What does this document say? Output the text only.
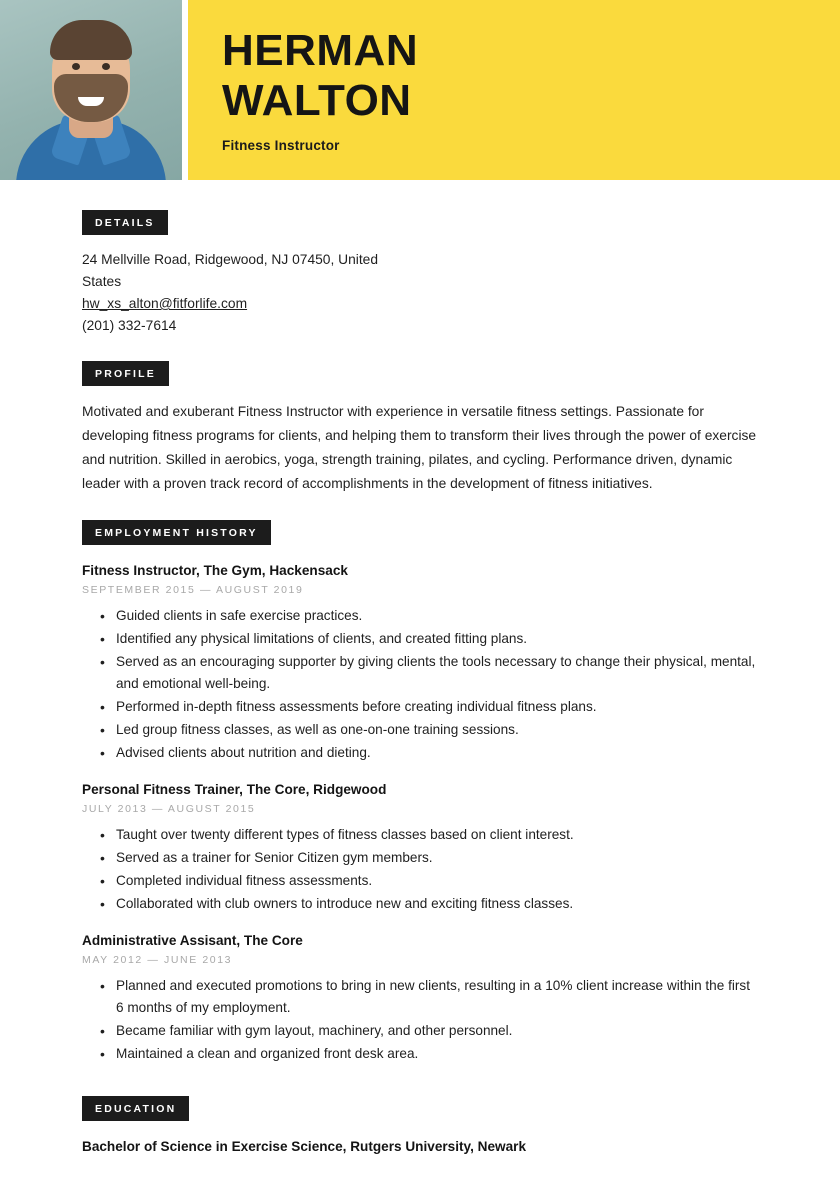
HERMAN
WALTON
Fitness Instructor
DETAILS
24 Mellville Road, Ridgewood, NJ 07450, United States
hw_xs_alton@fitforlife.com
(201) 332-7614
PROFILE
Motivated and exuberant Fitness Instructor with experience in versatile fitness settings. Passionate for developing fitness programs for clients, and helping them to transform their lives through the power of exercise and nutrition. Skilled in aerobics, yoga, strength training, pilates, and cycling. Performance driven, dynamic leader with a proven track record of accomplishments in the development of fitness initiatives.
EMPLOYMENT HISTORY
Fitness Instructor, The Gym, Hackensack
SEPTEMBER 2015 — AUGUST 2019
• Guided clients in safe exercise practices.
• Identified any physical limitations of clients, and created fitting plans.
• Served as an encouraging supporter by giving clients the tools necessary to change their physical, mental, and emotional well-being.
• Performed in-depth fitness assessments before creating individual fitness plans.
• Led group fitness classes, as well as one-on-one training sessions.
• Advised clients about nutrition and dieting.
Personal Fitness Trainer, The Core, Ridgewood
JULY 2013 — AUGUST 2015
• Taught over twenty different types of fitness classes based on client interest.
• Served as a trainer for Senior Citizen gym members.
• Completed individual fitness assessments.
• Collaborated with club owners to introduce new and exciting fitness classes.
Administrative Assisant, The Core
MAY 2012 — JUNE 2013
• Planned and executed promotions to bring in new clients, resulting in a 10% client increase within the first 6 months of my employment.
• Became familiar with gym layout, machinery, and other personnel.
• Maintained a clean and organized front desk area.
EDUCATION
Bachelor of Science in Exercise Science, Rutgers University, Newark
